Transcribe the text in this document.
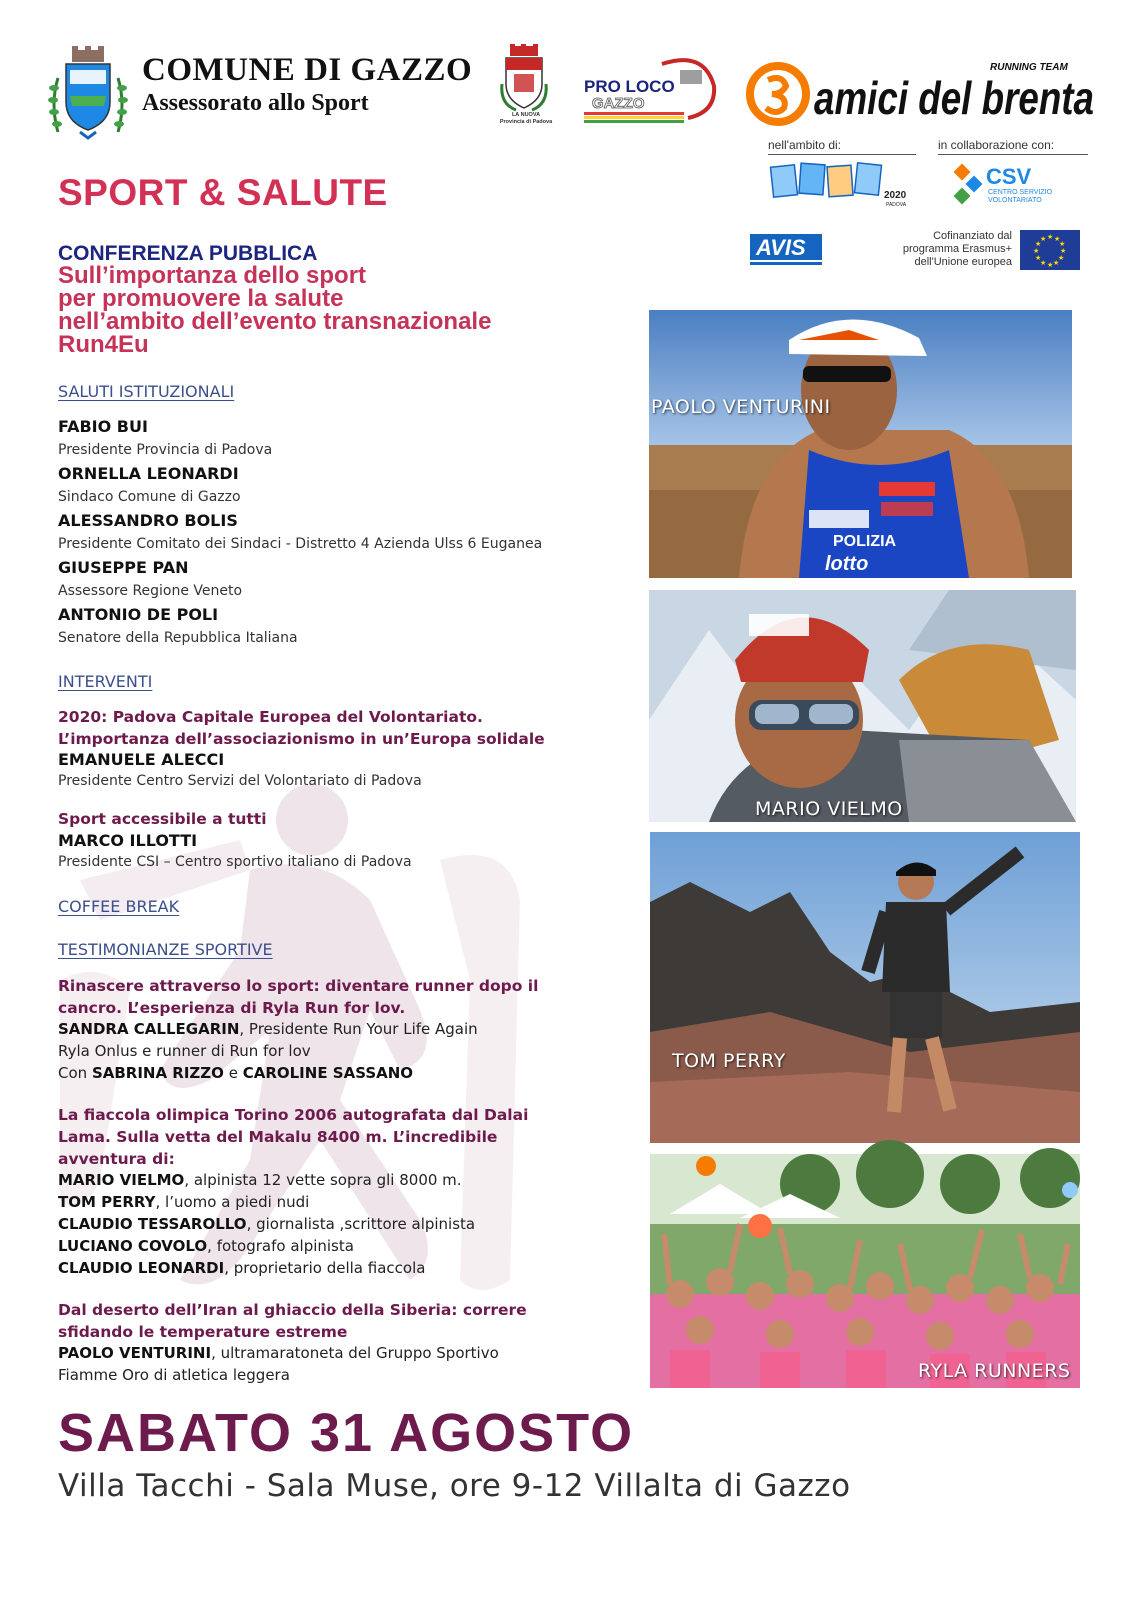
COMUNE DI GAZZO
Assessorato allo Sport	LA NUOVA
Provincia di Padova
PRO LOCO
GAZZO
RUNNING TEAM
amici del brenta
nell'ambito di:	in collaborazione con:
2020
PADOVA
CSV
CENTRO SERVIZIO
VOLONTARIATO
AVIS	Cofinanziato dal
programma Erasmus+
dell'Unione europea
★ ★
★
★
★
★
★
★
★
★
★
★
SPORT & SALUTE
CONFERENZA PUBBLICA
Sull’importanza dello sport
per promuovere la salute
nell’ambito dell’evento transnazionale
Run4Eu
SALUTI ISTITUZIONALI
FABIO BUI
Presidente Provincia di Padova
ORNELLA LEONARDI
Sindaco Comune di Gazzo
ALESSANDRO BOLIS
Presidente Comitato dei Sindaci - Distretto 4 Azienda Ulss 6 Euganea
GIUSEPPE PAN
Assessore Regione Veneto
ANTONIO DE POLI
Senatore della Repubblica Italiana
INTERVENTI
2020: Padova Capitale Europea del Volontariato.
L’importanza dell’associazionismo in un’Europa solidale
EMANUELE ALECCI
Presidente Centro Servizi del Volontariato di Padova
Sport accessibile a tutti
MARCO ILLOTTI
Presidente CSI – Centro sportivo italiano di Padova
COFFEE BREAK
TESTIMONIANZE SPORTIVE
Rinascere attraverso lo sport: diventare runner dopo il
cancro. L’esperienza di Ryla Run for lov.
SANDRA CALLEGARIN, Presidente Run Your Life Again
Ryla Onlus e runner di Run for lov
Con SABRINA RIZZO e CAROLINE SASSANO
La fiaccola olimpica Torino 2006 autografata dal Dalai
Lama. Sulla vetta del Makalu 8400 m. L’incredibile
avventura di:
MARIO VIELMO, alpinista 12 vette sopra gli 8000 m.
TOM PERRY, l’uomo a piedi nudi
CLAUDIO TESSAROLLO, giornalista ,scrittore alpinista
LUCIANO COVOLO, fotografo alpinista
CLAUDIO LEONARDI, proprietario della fiaccola
Dal deserto dell’Iran al ghiaccio della Siberia: correre
sfidando le temperature estreme
PAOLO VENTURINI, ultramaratoneta del Gruppo Sportivo
Fiamme Oro di atletica leggera
POLIZIA
lotto
PAOLO VENTURINI
FREE TIBET
MARIO VIELMO
TOM PERRY
RYLA RUNNERS
SABATO 31 AGOSTO
Villa Tacchi - Sala Muse, ore 9-12 Villalta di Gazzo
